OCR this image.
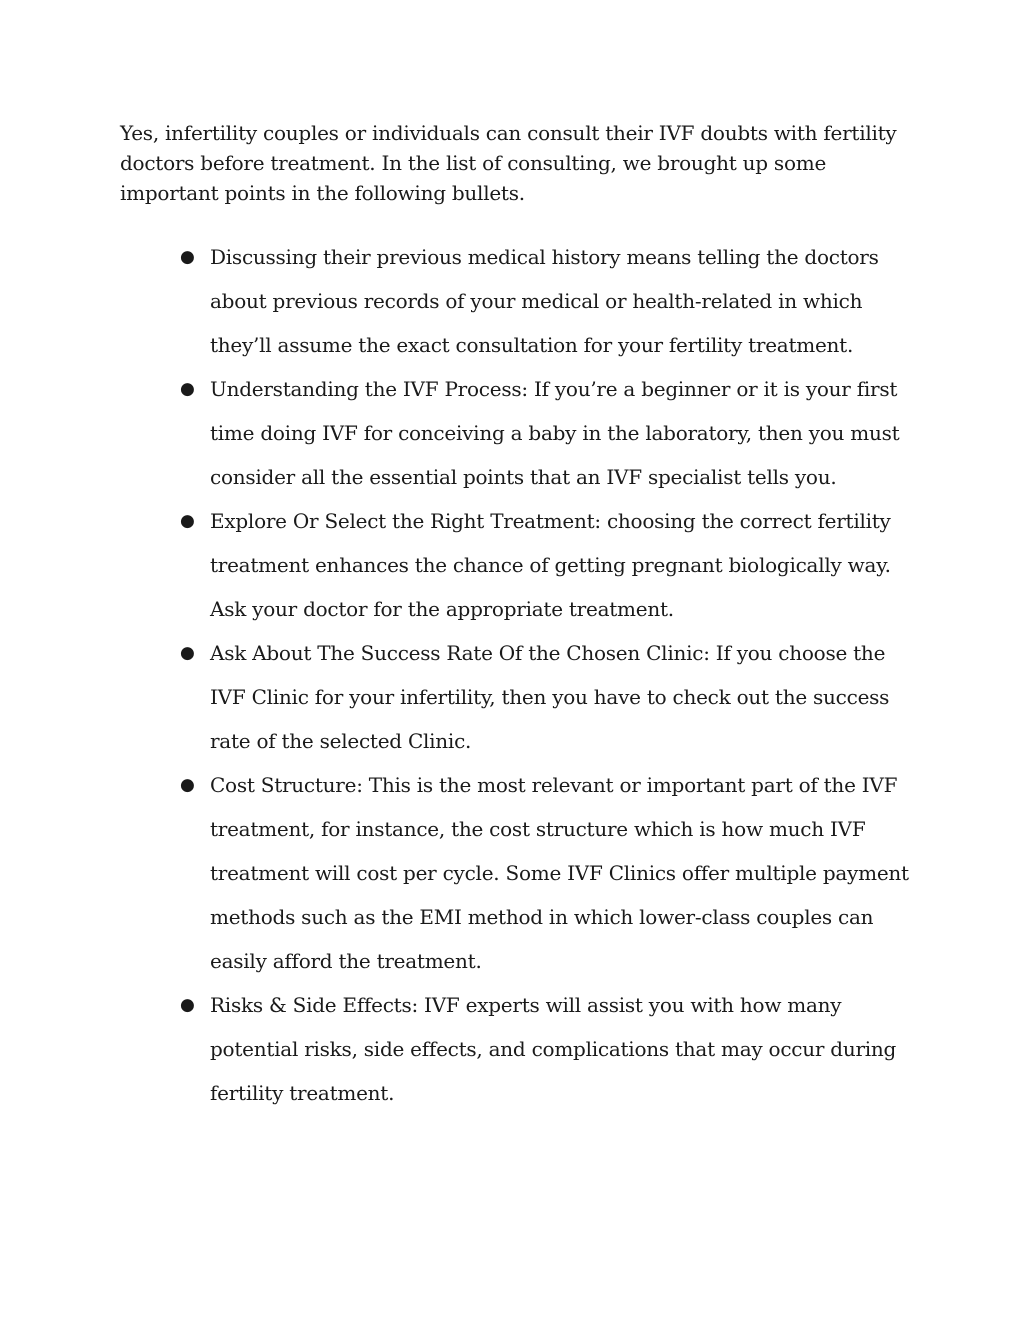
Yes, infertility couples or individuals can consult their IVF doubts with fertility doctors before treatment. In the list of consulting, we brought up some important points in the following bullets.

● Discussing their previous medical history means telling the doctors about previous records of your medical or health-related in which they’ll assume the exact consultation for your fertility treatment.
● Understanding the IVF Process: If you’re a beginner or it is your first time doing IVF for conceiving a baby in the laboratory, then you must consider all the essential points that an IVF specialist tells you.
● Explore Or Select the Right Treatment: choosing the correct fertility treatment enhances the chance of getting pregnant biologically way. Ask your doctor for the appropriate treatment.
● Ask About The Success Rate Of the Chosen Clinic: If you choose the IVF Clinic for your infertility, then you have to check out the success rate of the selected Clinic.
● Cost Structure: This is the most relevant or important part of the IVF treatment, for instance, the cost structure which is how much IVF treatment will cost per cycle. Some IVF Clinics offer multiple payment methods such as the EMI method in which lower-class couples can easily afford the treatment.
● Risks & Side Effects: IVF experts will assist you with how many potential risks, side effects, and complications that may occur during fertility treatment.
